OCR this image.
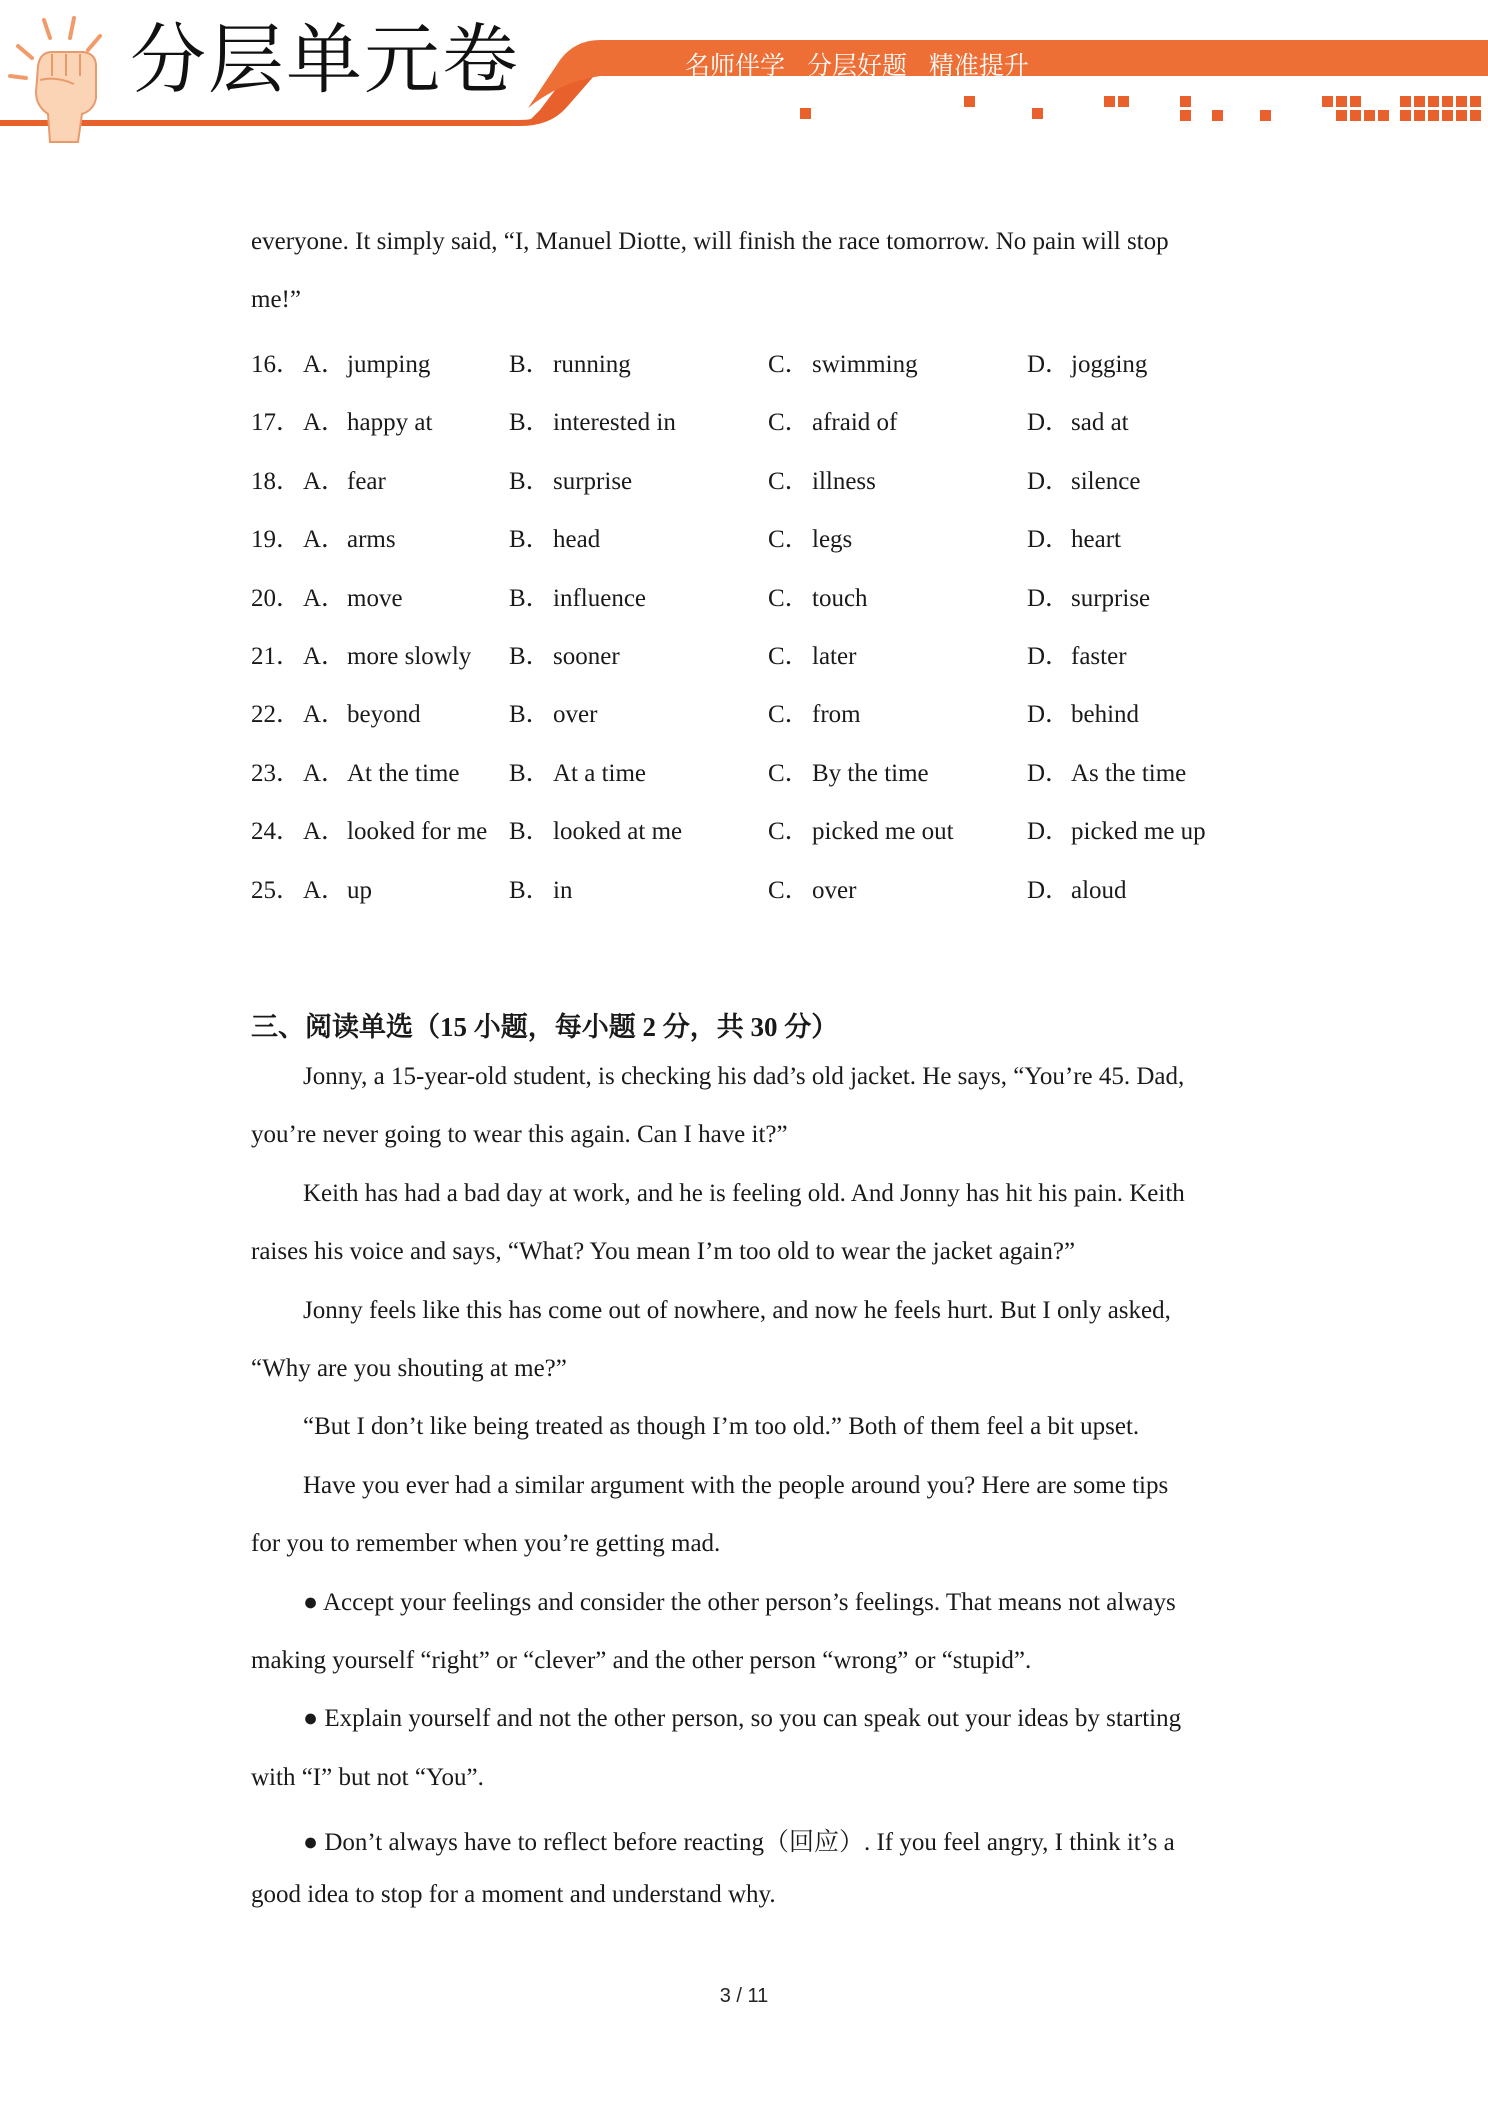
分层单元卷	名师伴学 分层好题 精准提升
everyone. It simply said, “I, Manuel Diotte, will finish the race tomorrow. No pain will stop
me!”
16． A．jumping	B．running	C．swimming	D．jogging
17． A．happy at	B．interested in	C．afraid of	D．sad at
18． A．fear	B．surprise	C．illness	D．silence
19． A．arms	B．head	C．legs	D．heart
20． A．move	B．influence	C．touch	D．surprise
21． A．more slowly B．sooner	C．later	D．faster
22． A．beyond	B．over	C．from	D．behind
23． A．At the time B．At a time	C．By the time	D．As the time
24． A．looked for me B．looked at me	C．picked me out	D．picked me up
25． A．up	B．in	C．over	D．aloud
三、阅读单选（15 小题，每小题 2 分，共 30 分）
Jonny, a 15-year-old student, is checking his dad’s old jacket. He says, “You’re 45. Dad,
you’re never going to wear this again. Can I have it?”
Keith has had a bad day at work, and he is feeling old. And Jonny has hit his pain. Keith
raises his voice and says, “What? You mean I’m too old to wear the jacket again?”
Jonny feels like this has come out of nowhere, and now he feels hurt. But I only asked,
“Why are you shouting at me?”
“But I don’t like being treated as though I’m too old.” Both of them feel a bit upset.
Have you ever had a similar argument with the people around you? Here are some tips
for you to remember when you’re getting mad.
● Accept your feelings and consider the other person’s feelings. That means not always
making yourself “right” or “clever” and the other person “wrong” or “stupid”.
● Explain yourself and not the other person, so you can speak out your ideas by starting
with “I” but not “You”.
● Don’t always have to reflect before reacting（回应）. If you feel angry, I think it’s a
good idea to stop for a moment and understand why.
3 / 11
